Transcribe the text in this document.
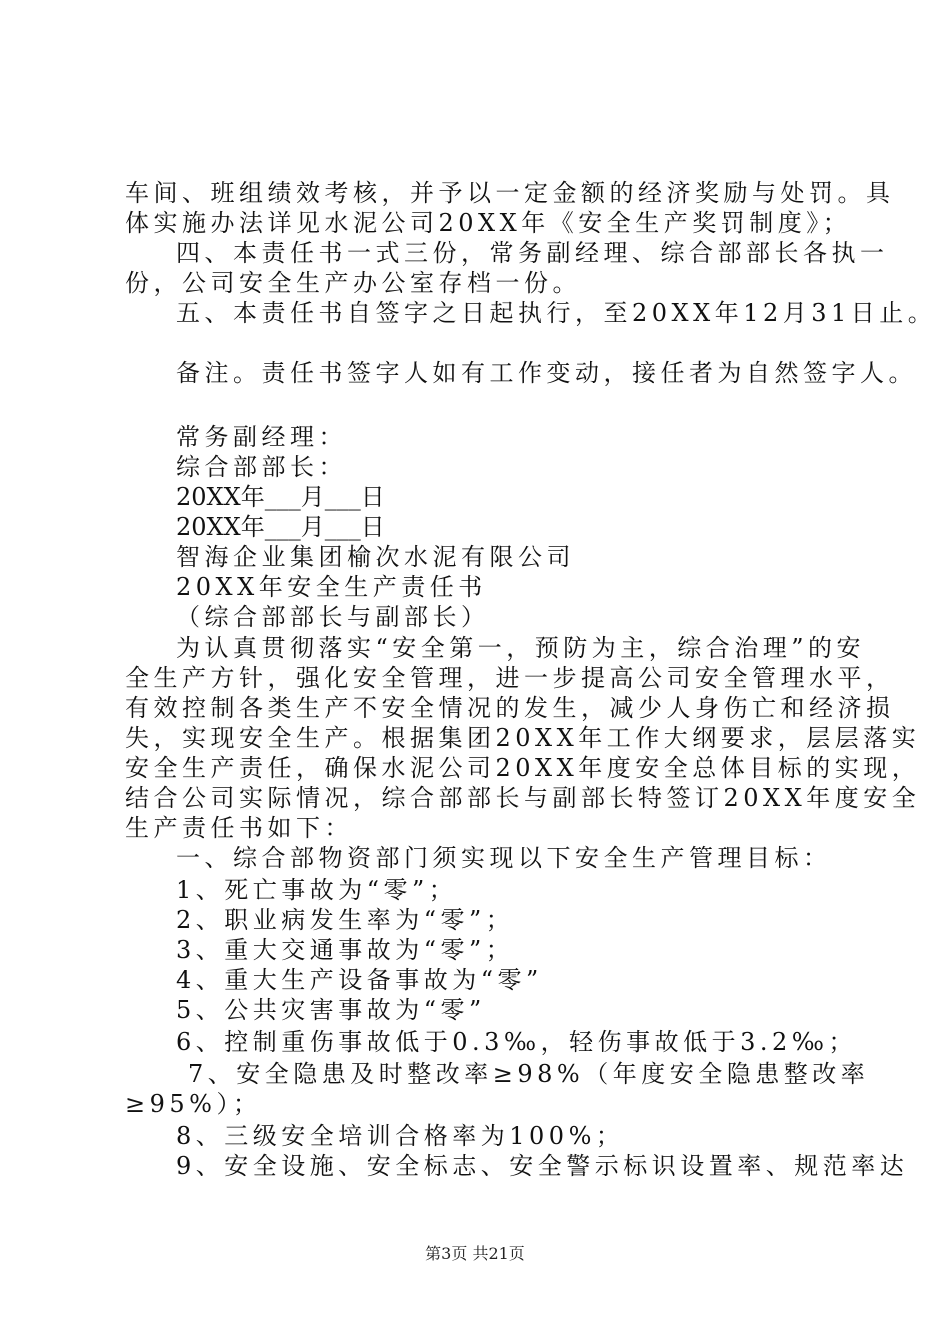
车间、班组绩效考核，并予以一定金额的经济奖励与处罚。具
体实施办法详见水泥公司20XX年《安全生产奖罚制度》；
四、本责任书一式三份，常务副经理、综合部部长各执一
份，公司安全生产办公室存档一份。
五、本责任书自签字之日起执行，至20XX年12月31日止。
备注。责任书签字人如有工作变动，接任者为自然签字人。
常务副经理：
综合部部长：
20XX年___月___日
20XX年___月___日
智海企业集团榆次水泥有限公司
20XX年安全生产责任书
（综合部部长与副部长）
为认真贯彻落实“安全第一，预防为主，综合治理”的安
全生产方针，强化安全管理，进一步提高公司安全管理水平，
有效控制各类生产不安全情况的发生，减少人身伤亡和经济损
失，实现安全生产。根据集团20XX年工作大纲要求，层层落实
安全生产责任，确保水泥公司20XX年度安全总体目标的实现，
结合公司实际情况，综合部部长与副部长特签订20XX年度安全
生产责任书如下：
一、综合部物资部门须实现以下安全生产管理目标：
1、死亡事故为“零”；
2、职业病发生率为“零”；
3、重大交通事故为“零”；
4、重大生产设备事故为“零”
5、公共灾害事故为“零”
6、控制重伤事故低于0.3‰，轻伤事故低于3.2‰；
7、安全隐患及时整改率≥98%（年度安全隐患整改率
≥95%）；
8、三级安全培训合格率为100%；
9、安全设施、安全标志、安全警示标识设置率、规范率达
第3页 共21页
